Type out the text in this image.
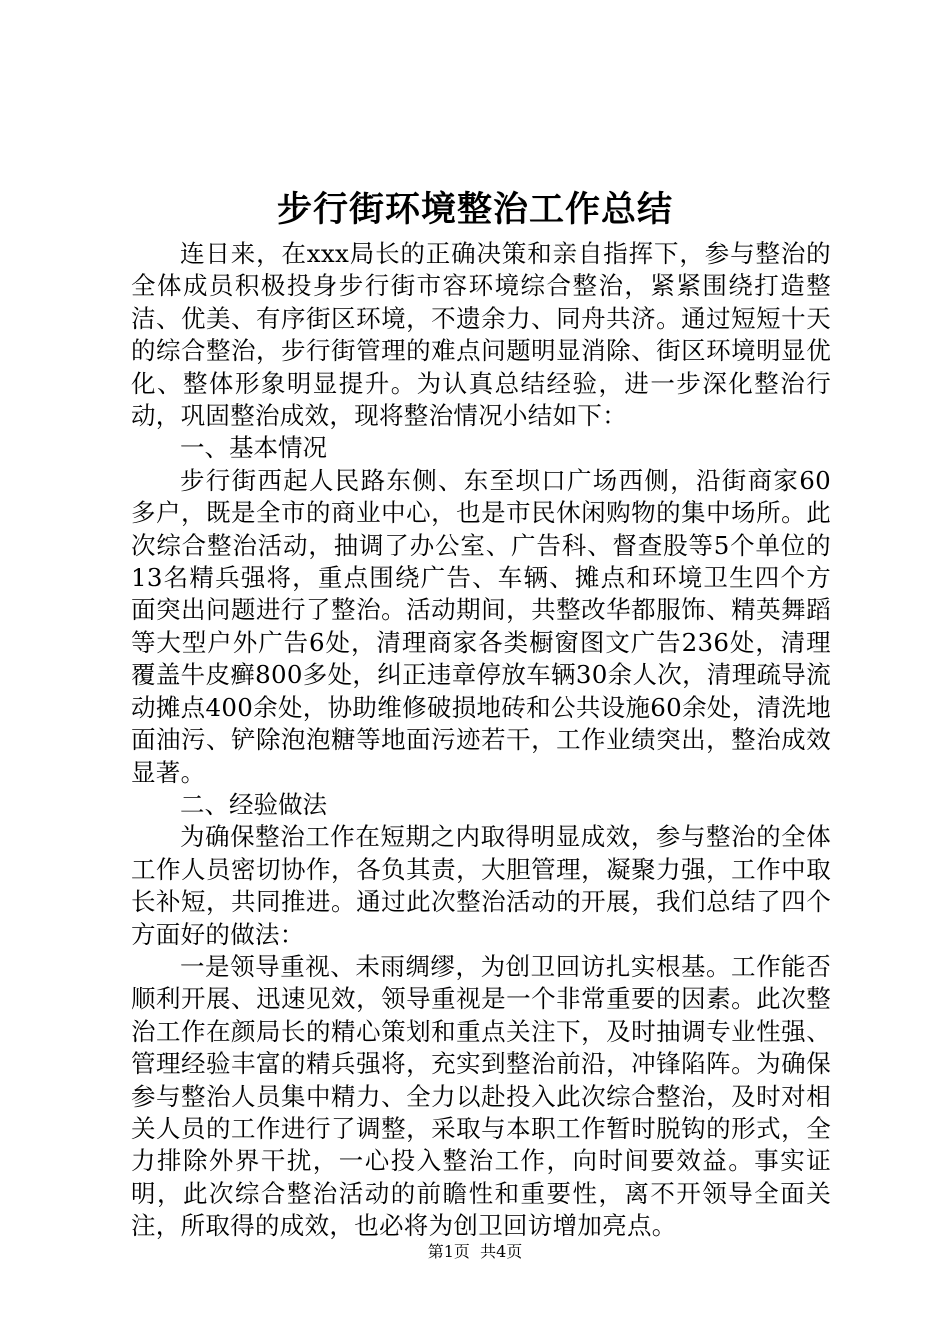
步行街环境整治工作总结

连日来，在xxx局长的正确决策和亲自指挥下，参与整治的全体成员积极投身步行街市容环境综合整治，紧紧围绕打造整洁、优美、有序街区环境，不遗余力、同舟共济。通过短短十天的综合整治，步行街管理的难点问题明显消除、街区环境明显优化、整体形象明显提升。为认真总结经验，进一步深化整治行动，巩固整治成效，现将整治情况小结如下：

一、基本情况

步行街西起人民路东侧、东至坝口广场西侧，沿街商家60多户，既是全市的商业中心，也是市民休闲购物的集中场所。此次综合整治活动，抽调了办公室、广告科、督查股等5个单位的13名精兵强将，重点围绕广告、车辆、摊点和环境卫生四个方面突出问题进行了整治。活动期间，共整改华都服饰、精英舞蹈等大型户外广告6处，清理商家各类橱窗图文广告236处，清理覆盖牛皮癣800多处，纠正违章停放车辆30余人次，清理疏导流动摊点400余处，协助维修破损地砖和公共设施60余处，清洗地面油污、铲除泡泡糖等地面污迹若干，工作业绩突出，整治成效显著。

二、经验做法

为确保整治工作在短期之内取得明显成效，参与整治的全体工作人员密切协作，各负其责，大胆管理，凝聚力强，工作中取长补短，共同推进。通过此次整治活动的开展，我们总结了四个方面好的做法：

一是领导重视、未雨绸缪，为创卫回访扎实根基。工作能否顺利开展、迅速见效，领导重视是一个非常重要的因素。此次整治工作在颜局长的精心策划和重点关注下，及时抽调专业性强、管理经验丰富的精兵强将，充实到整治前沿，冲锋陷阵。为确保参与整治人员集中精力、全力以赴投入此次综合整治，及时对相关人员的工作进行了调整，采取与本职工作暂时脱钩的形式，全力排除外界干扰，一心投入整治工作，向时间要效益。事实证明，此次综合整治活动的前瞻性和重要性，离不开领导全面关注，所取得的成效，也必将为创卫回访增加亮点。

第1页  共4页
